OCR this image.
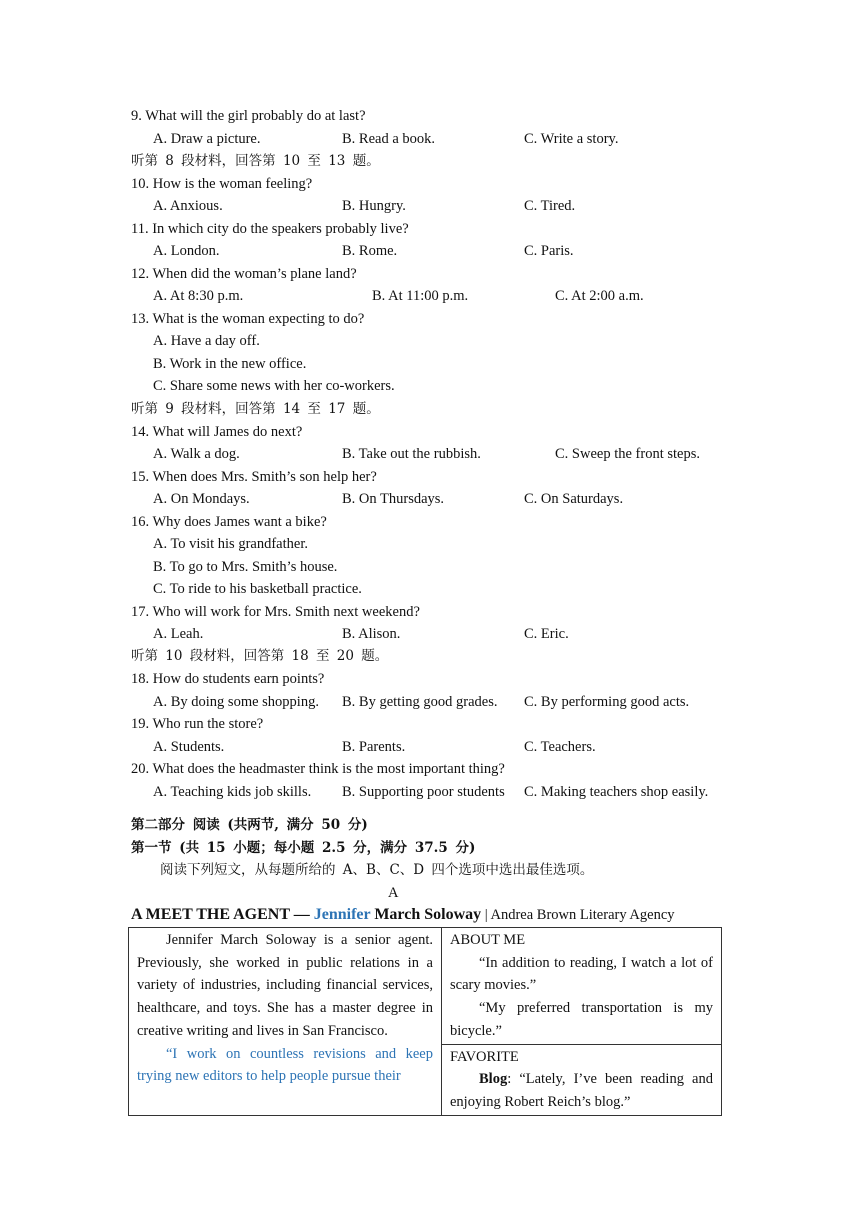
9. What will the girl probably do at last?
A. Draw a picture.	B. Read a book.	C. Write a story.
听第 8 段材料，回答第 10 至 13 题。
10. How is the woman feeling?
A. Anxious.	B. Hungry.	C. Tired.
11. In which city do the speakers probably live?
A. London.	B. Rome.	C. Paris.
12. When did the woman’s plane land?
A. At 8:30 p.m.	B. At 11:00 p.m.	C. At 2:00 a.m.
13. What is the woman expecting to do?
A. Have a day off.
B. Work in the new office.
C. Share some news with her co-workers.
听第 9 段材料，回答第 14 至 17 题。
14. What will James do next?
A. Walk a dog.	B. Take out the rubbish.	C. Sweep the front steps.
15. When does Mrs. Smith’s son help her?
A. On Mondays.	B. On Thursdays.	C. On Saturdays.
16. Why does James want a bike?
A. To visit his grandfather.
B. To go to Mrs. Smith’s house.
C. To ride to his basketball practice.
17. Who will work for Mrs. Smith next weekend?
A. Leah.	B. Alison.	C. Eric.
听第 10 段材料，回答第 18 至 20 题。
18. How do students earn points?
A. By doing some shopping. B. By getting good grades. C. By performing good acts.
19. Who run the store?
A. Students.	B. Parents.	C. Teachers.
20. What does the headmaster think is the most important thing?
A. Teaching kids job skills. B. Supporting poor students C. Making teachers shop easily.
第二部分 阅读 (共两节, 满分 50 分)
第一节 (共 15 小题；每小题 2.5 分，满分 37.5 分)
阅读下列短文，从每题所给的 A、B、C、D 四个选项中选出最佳选项。
A
A MEET THE AGENT — Jennifer March Soloway | Andrea Brown Literary Agency
Jennifer March Soloway is a senior agent. Previously, she worked in public relations in a variety of industries, including financial services, healthcare, and toys. She has a master degree in creative writing and lives in San Francisco.
“I work on countless revisions and keep trying new editors to help people pursue their

ABOUT ME
“In addition to reading, I watch a lot of scary movies.”
“My preferred transportation is my bicycle.”

FAVORITE
Blog: “Lately, I’ve been reading and enjoying Robert Reich’s blog.”
